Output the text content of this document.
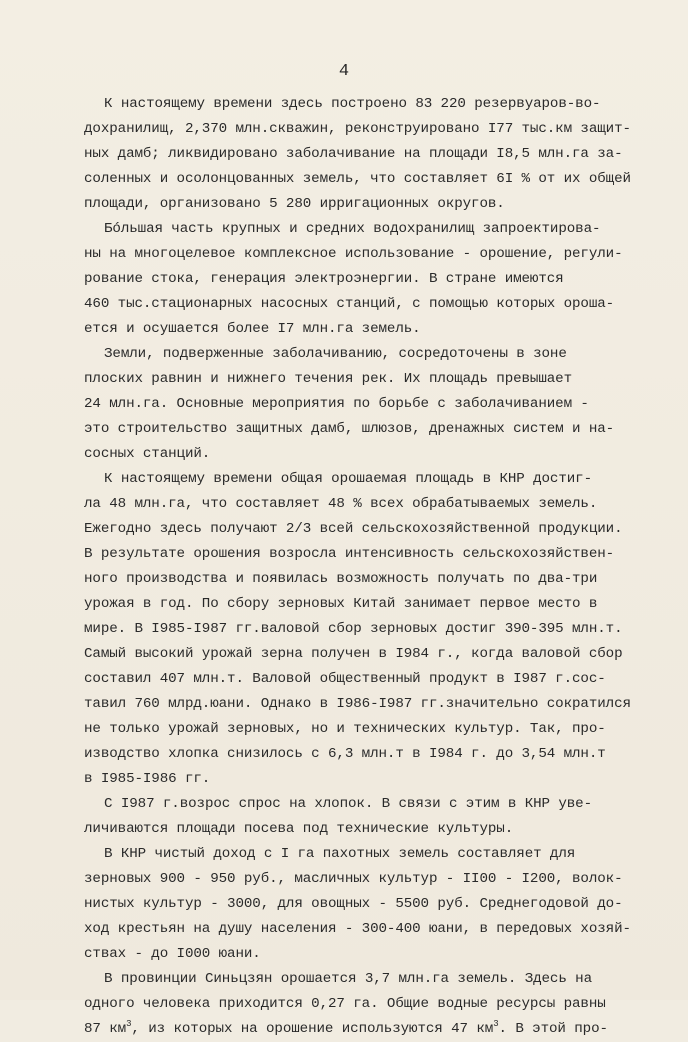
4
К настоящему времени здесь построено 83 220 резервуаров-во-
дохранилищ, 2,370 млн.скважин, реконструировано I77 тыс.км защит-
ных дамб; ликвидировано заболачивание на площади I8,5 млн.га за-
соленных и осолонцованных земель, что составляет 6I % от их общей
площади, организовано 5 280 ирригационных округов.
Бóльшая часть крупных и средних водохранилищ запроектирова-
ны на многоцелевое комплексное использование - орошение, регули-
рование стока, генерация электроэнергии. В стране имеются
460 тыс.стационарных насосных станций, с помощью которых ороша-
ется и осушается более I7 млн.га земель.
Земли, подверженные заболачиванию, сосредоточены в зоне
плоских равнин и нижнего течения рек. Их площадь превышает
24 млн.га. Основные мероприятия по борьбе с заболачиванием -
это строительство защитных дамб, шлюзов, дренажных систем и на-
сосных станций.
К настоящему времени общая орошаемая площадь в КНР достиг-
ла 48 млн.га, что составляет 48 % всех обрабатываемых земель.
Ежегодно здесь получают 2/3 всей сельскохозяйственной продукции.
В результате орошения возросла интенсивность сельскохозяйствен-
ного производства и появилась возможность получать по два-три
урожая в год. По сбору зерновых Китай занимает первое место в
мире. В I985-I987 гг.валовой сбор зерновых достиг 390-395 млн.т.
Самый высокий урожай зерна получен в I984 г., когда валовой сбор
составил 407 млн.т. Валовой общественный продукт в I987 г.сос-
тавил 760 млрд.юани. Однако в I986-I987 гг.значительно сократился
не только урожай зерновых, но и технических культур. Так, про-
изводство хлопка снизилось с 6,3 млн.т в I984 г. до 3,54 млн.т
в I985-I986 гг.
С I987 г.возрос спрос на хлопок. В связи с этим в КНР уве-
личиваются площади посева под технические культуры.
В КНР чистый доход с I га пахотных земель составляет для
зерновых 900 - 950 руб., масличных культур - II00 - I200, волок-
нистых культур - 3000, для овощных - 5500 руб. Среднегодовой до-
ход крестьян на душу населения - 300-400 юани, в передовых хозяй-
ствах - до I000 юани.
В провинции Синьцзян орошается 3,7 млн.га земель. Здесь на
одного человека приходится 0,27 га. Общие водные ресурсы равны
87 $км^3$, из которых на орошение используются 47 $км^3$. В этой про-
